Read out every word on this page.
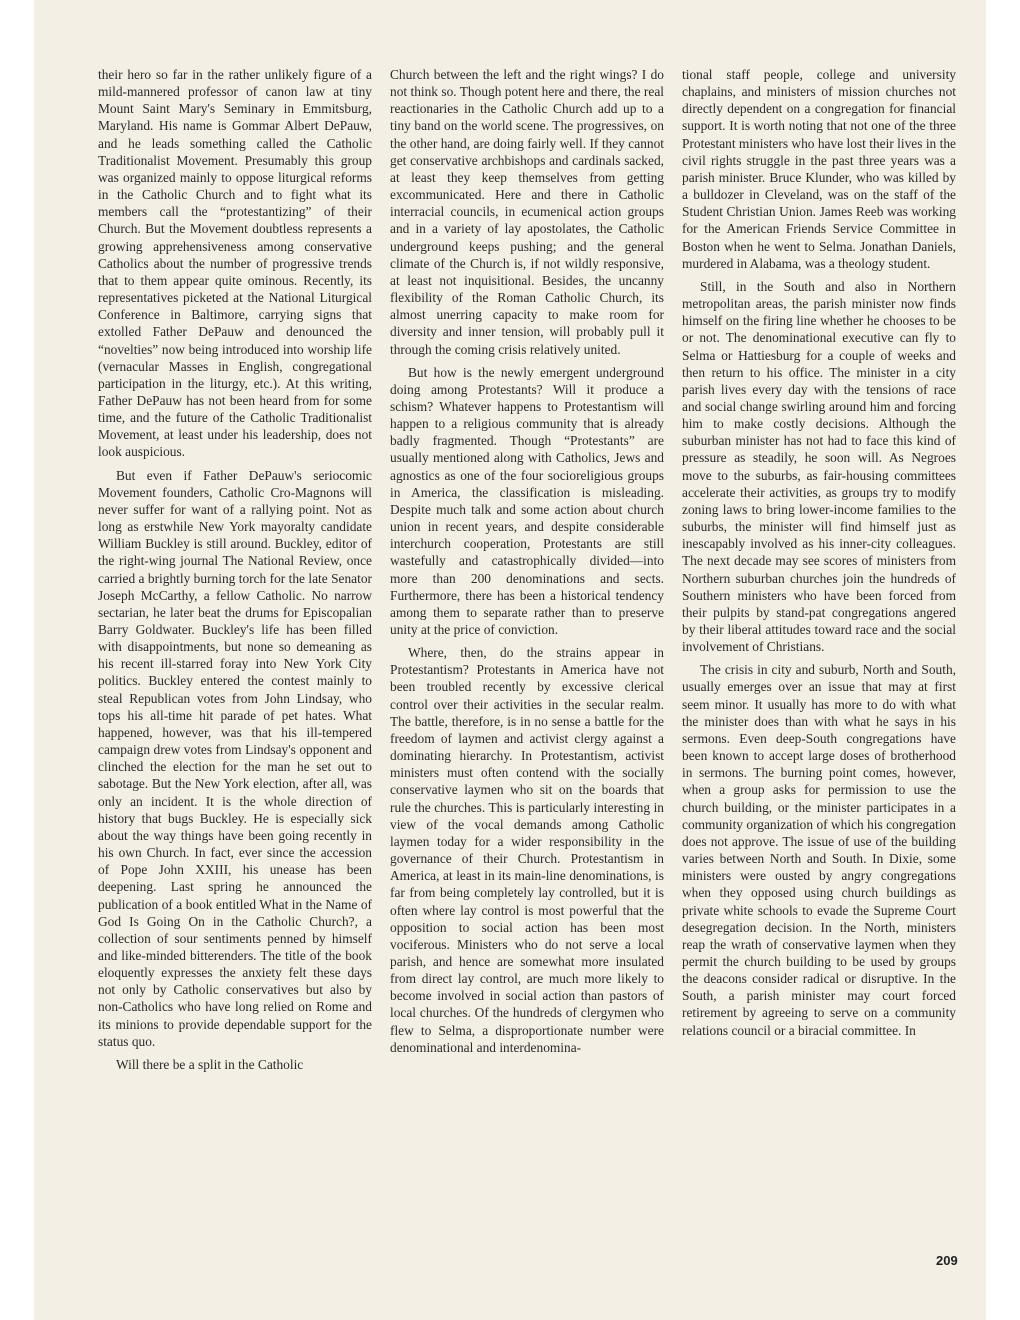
their hero so far in the rather unlikely figure of a mild-mannered professor of canon law at tiny Mount Saint Mary's Seminary in Emmitsburg, Maryland. His name is Gommar Albert DePauw, and he leads something called the Catholic Traditionalist Movement. Presumably this group was organized mainly to oppose liturgical reforms in the Catholic Church and to fight what its members call the “protestantizing” of their Church. But the Movement doubtless represents a growing apprehensiveness among conservative Catholics about the number of progressive trends that to them appear quite ominous. Recently, its representatives picketed at the National Liturgical Conference in Baltimore, carrying signs that extolled Father DePauw and denounced the “novelties” now being introduced into worship life (vernacular Masses in English, congregational participation in the liturgy, etc.). At this writing, Father DePauw has not been heard from for some time, and the future of the Catholic Traditionalist Movement, at least under his leadership, does not look auspicious.

But even if Father DePauw's seriocomic Movement founders, Catholic Cro-Magnons will never suffer for want of a rallying point. Not as long as erstwhile New York mayoralty candidate William Buckley is still around. Buckley, editor of the right-wing journal The National Review, once carried a brightly burning torch for the late Senator Joseph McCarthy, a fellow Catholic. No narrow sectarian, he later beat the drums for Episcopalian Barry Goldwater. Buckley's life has been filled with disappointments, but none so demeaning as his recent ill-starred foray into New York City politics. Buckley entered the contest mainly to steal Republican votes from John Lindsay, who tops his all-time hit parade of pet hates. What happened, however, was that his ill-tempered campaign drew votes from Lindsay's opponent and clinched the election for the man he set out to sabotage. But the New York election, after all, was only an incident. It is the whole direction of history that bugs Buckley. He is especially sick about the way things have been going recently in his own Church. In fact, ever since the accession of Pope John XXIII, his unease has been deepening. Last spring he announced the publication of a book entitled What in the Name of God Is Going On in the Catholic Church?, a collection of sour sentiments penned by himself and like-minded bitterenders. The title of the book eloquently expresses the anxiety felt these days not only by Catholic conservatives but also by non-Catholics who have long relied on Rome and its minions to provide dependable support for the status quo.

Will there be a split in the Catholic

Church between the left and the right wings? I do not think so. Though potent here and there, the real reactionaries in the Catholic Church add up to a tiny band on the world scene. The progressives, on the other hand, are doing fairly well. If they cannot get conservative archbishops and cardinals sacked, at least they keep themselves from getting excommunicated. Here and there in Catholic interracial councils, in ecumenical action groups and in a variety of lay apostolates, the Catholic underground keeps pushing; and the general climate of the Church is, if not wildly responsive, at least not inquisitional. Besides, the uncanny flexibility of the Roman Catholic Church, its almost unerring capacity to make room for diversity and inner tension, will probably pull it through the coming crisis relatively united.

But how is the newly emergent underground doing among Protestants? Will it produce a schism? Whatever happens to Protestantism will happen to a religious community that is already badly fragmented. Though “Protestants” are usually mentioned along with Catholics, Jews and agnostics as one of the four socioreligious groups in America, the classification is misleading. Despite much talk and some action about church union in recent years, and despite considerable interchurch cooperation, Protestants are still wastefully and catastrophically divided—into more than 200 denominations and sects. Furthermore, there has been a historical tendency among them to separate rather than to preserve unity at the price of conviction.

Where, then, do the strains appear in Protestantism? Protestants in America have not been troubled recently by excessive clerical control over their activities in the secular realm. The battle, therefore, is in no sense a battle for the freedom of laymen and activist clergy against a dominating hierarchy. In Protestantism, activist ministers must often contend with the socially conservative laymen who sit on the boards that rule the churches. This is particularly interesting in view of the vocal demands among Catholic laymen today for a wider responsibility in the governance of their Church. Protestantism in America, at least in its main-line denominations, is far from being completely lay controlled, but it is often where lay control is most powerful that the opposition to social action has been most vociferous. Ministers who do not serve a local parish, and hence are somewhat more insulated from direct lay control, are much more likely to become involved in social action than pastors of local churches. Of the hundreds of clergymen who flew to Selma, a disproportionate number were denominational and interdenomina-

tional staff people, college and university chaplains, and ministers of mission churches not directly dependent on a congregation for financial support. It is worth noting that not one of the three Protestant ministers who have lost their lives in the civil rights struggle in the past three years was a parish minister. Bruce Klunder, who was killed by a bulldozer in Cleveland, was on the staff of the Student Christian Union. James Reeb was working for the American Friends Service Committee in Boston when he went to Selma. Jonathan Daniels, murdered in Alabama, was a theology student.

Still, in the South and also in Northern metropolitan areas, the parish minister now finds himself on the firing line whether he chooses to be or not. The denominational executive can fly to Selma or Hattiesburg for a couple of weeks and then return to his office. The minister in a city parish lives every day with the tensions of race and social change swirling around him and forcing him to make costly decisions. Although the suburban minister has not had to face this kind of pressure as steadily, he soon will. As Negroes move to the suburbs, as fair-housing committees accelerate their activities, as groups try to modify zoning laws to bring lower-income families to the suburbs, the minister will find himself just as inescapably involved as his inner-city colleagues. The next decade may see scores of ministers from Northern suburban churches join the hundreds of Southern ministers who have been forced from their pulpits by stand-pat congregations angered by their liberal attitudes toward race and the social involvement of Christians.

The crisis in city and suburb, North and South, usually emerges over an issue that may at first seem minor. It usually has more to do with what the minister does than with what he says in his sermons. Even deep-South congregations have been known to accept large doses of brotherhood in sermons. The burning point comes, however, when a group asks for permission to use the church building, or the minister participates in a community organization of which his congregation does not approve. The issue of use of the building varies between North and South. In Dixie, some ministers were ousted by angry congregations when they opposed using church buildings as private white schools to evade the Supreme Court desegregation decision. In the North, ministers reap the wrath of conservative laymen when they permit the church building to be used by groups the deacons consider radical or disruptive. In the South, a parish minister may court forced retirement by agreeing to serve on a community relations council or a biracial committee. In

209
